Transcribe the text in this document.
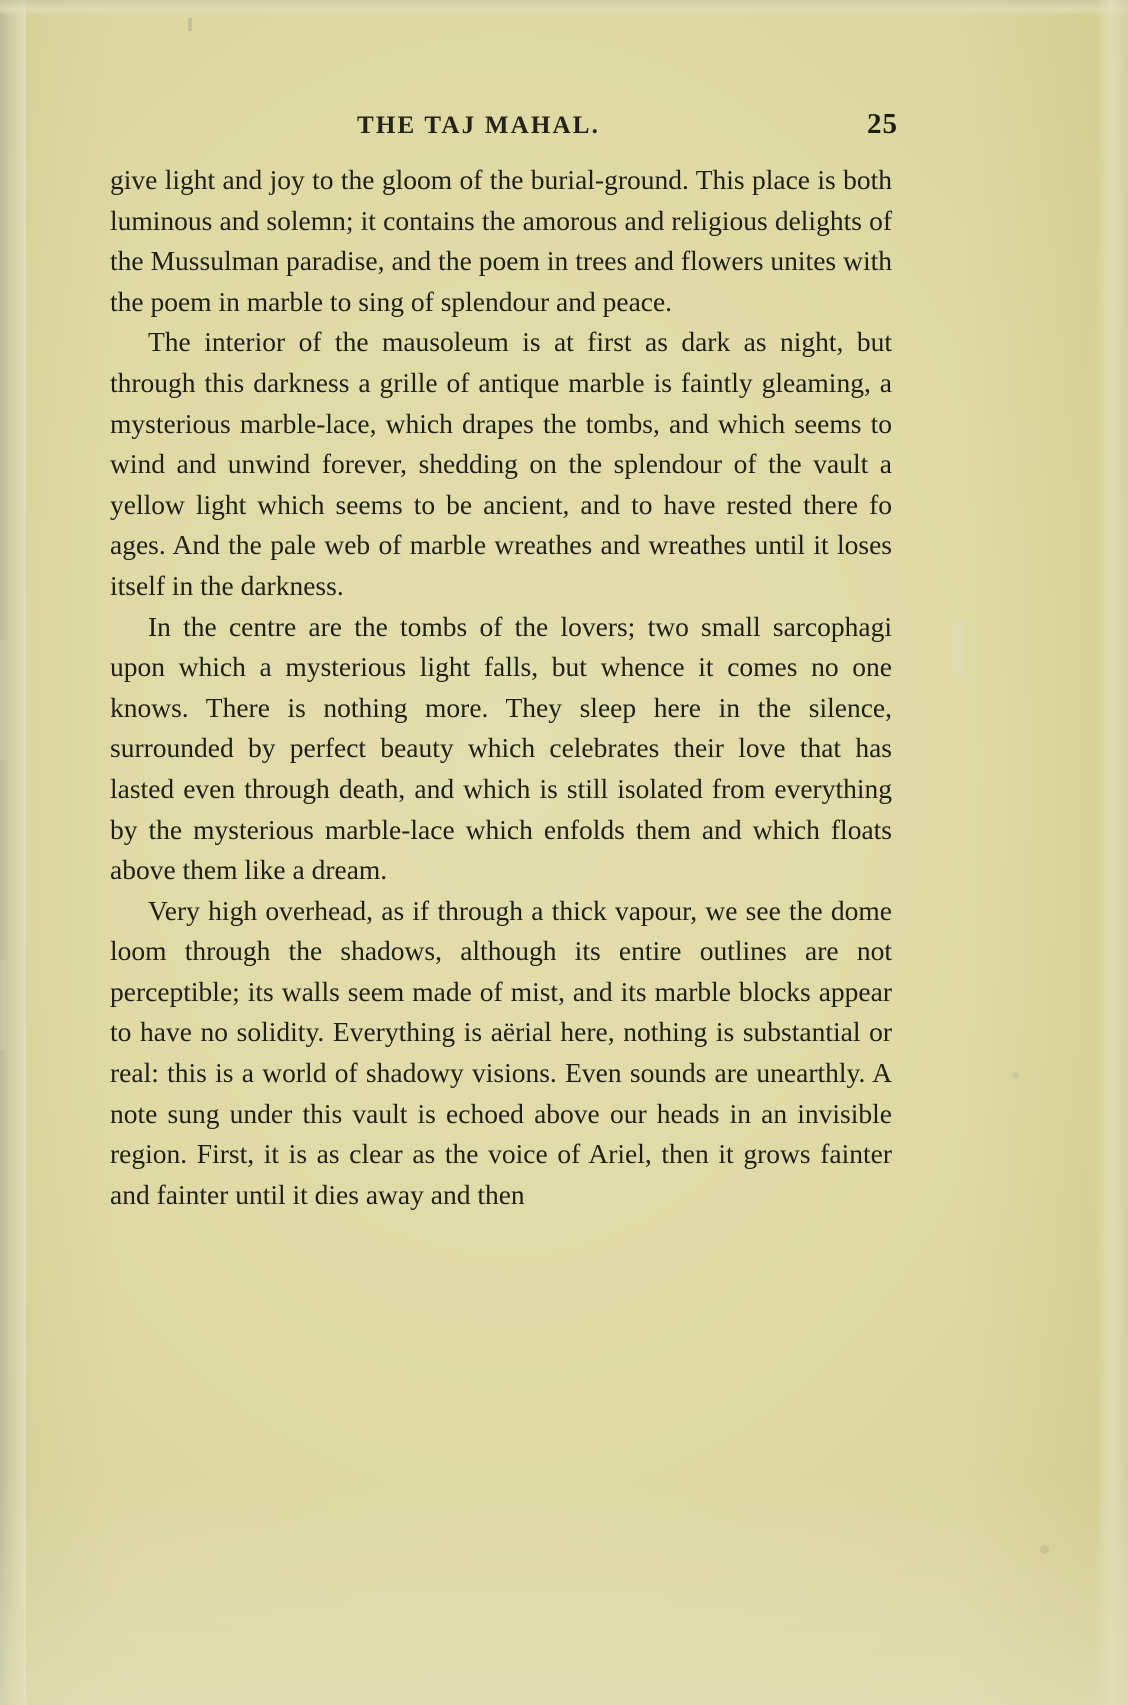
THE TAJ MAHAL.	25

give light and joy to the gloom of the burial-ground. This place is both luminous and solemn; it contains the amorous and religious delights of the Mussulman paradise, and the poem in trees and flowers unites with the poem in marble to sing of splendour and peace.

The interior of the mausoleum is at first as dark as night, but through this darkness a grille of antique marble is faintly gleaming, a mysterious marble-lace, which drapes the tombs, and which seems to wind and unwind forever, shedding on the splendour of the vault a yellow light which seems to be ancient, and to have rested there fo ages. And the pale web of marble wreathes and wreathes until it loses itself in the darkness.

In the centre are the tombs of the lovers; two small sarcophagi upon which a mysterious light falls, but whence it comes no one knows. There is nothing more. They sleep here in the silence, surrounded by perfect beauty which celebrates their love that has lasted even through death, and which is still isolated from everything by the mysterious marble-lace which enfolds them and which floats above them like a dream.

Very high overhead, as if through a thick vapour, we see the dome loom through the shadows, although its entire outlines are not perceptible; its walls seem made of mist, and its marble blocks appear to have no solidity. Everything is aërial here, nothing is substantial or real: this is a world of shadowy visions. Even sounds are unearthly. A note sung under this vault is echoed above our heads in an invisible region. First, it is as clear as the voice of Ariel, then it grows fainter and fainter until it dies away and then
